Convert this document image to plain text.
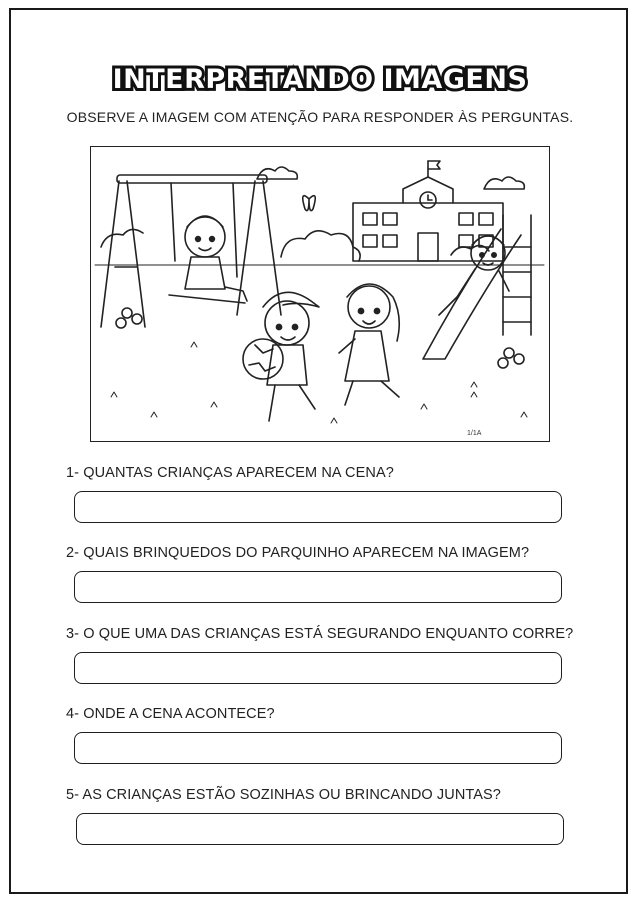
INTERPRETANDO IMAGENS
OBSERVE A IMAGEM COM ATENÇÃO PARA RESPONDER ÀS PERGUNTAS.
1/1A
1- QUANTAS CRIANÇAS APARECEM NA CENA?
2- QUAIS BRINQUEDOS DO PARQUINHO APARECEM NA IMAGEM?
3- O QUE UMA DAS CRIANÇAS ESTÁ SEGURANDO ENQUANTO CORRE?
4- ONDE A CENA ACONTECE?
5- AS CRIANÇAS ESTÃO SOZINHAS OU BRINCANDO JUNTAS?
